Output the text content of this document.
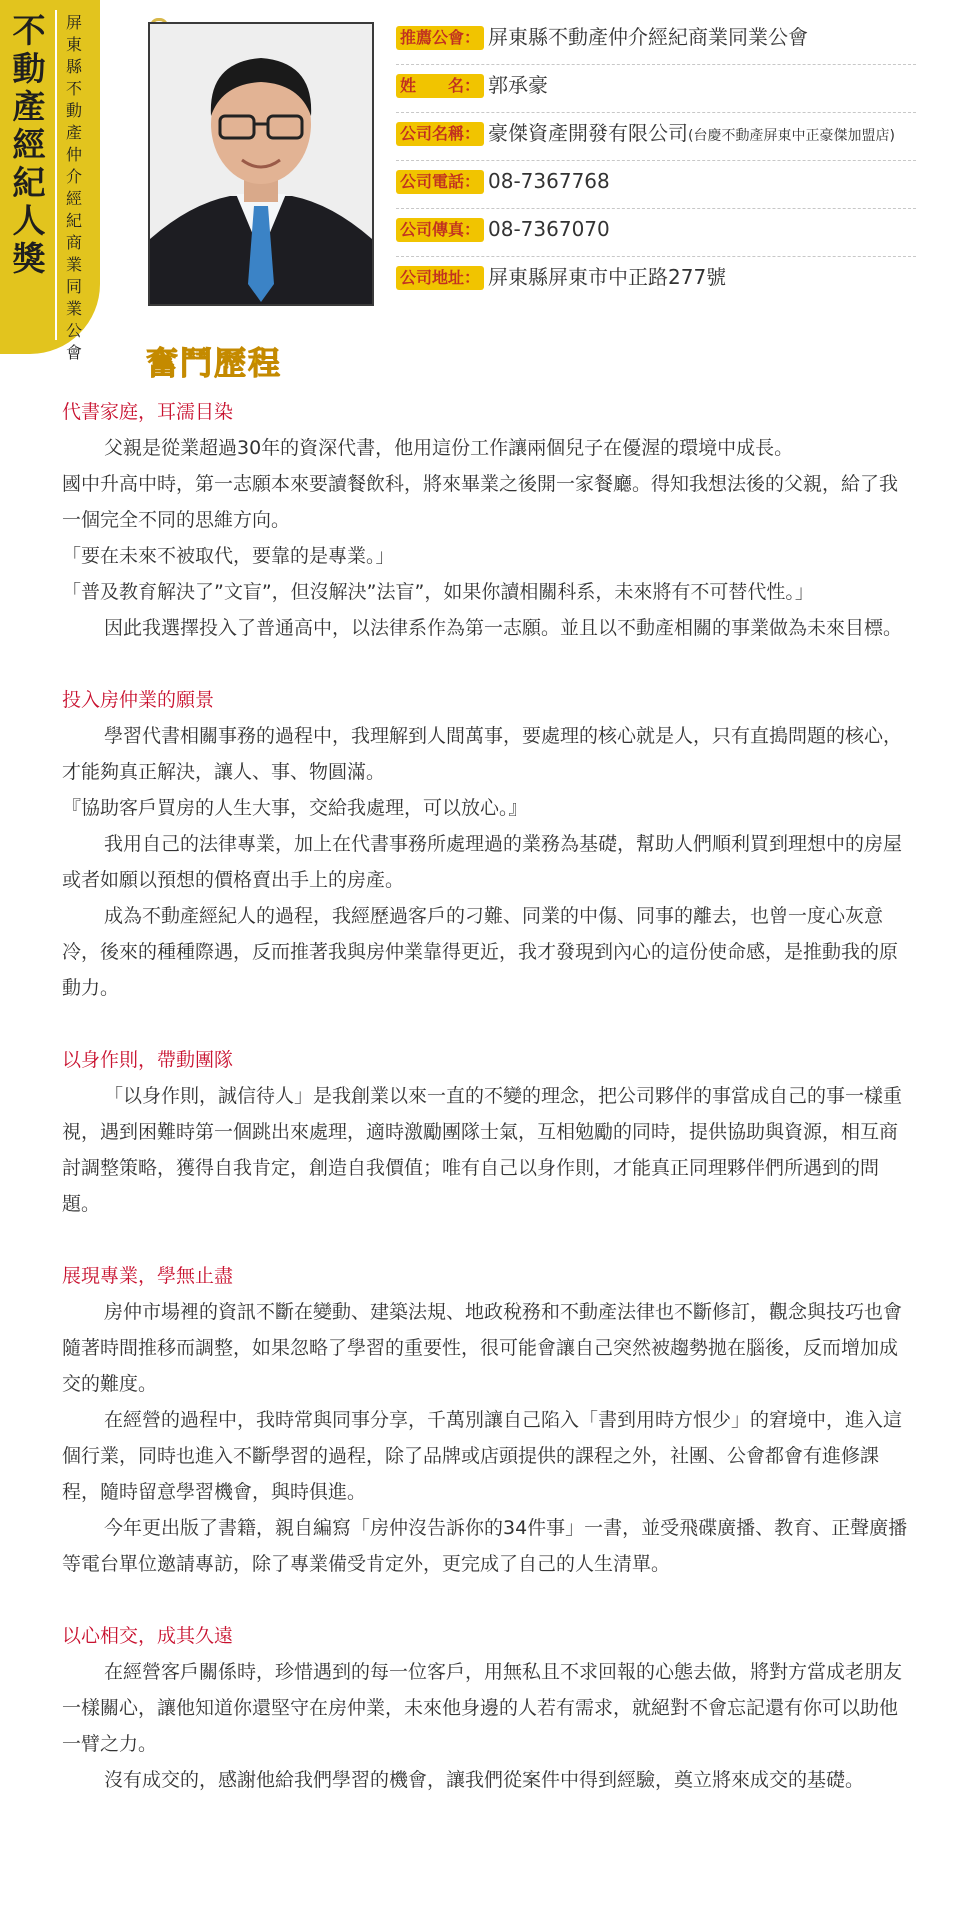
不動產經紀人獎
屏東縣不動產仲介經紀商業同業公會
推薦公會： 屏東縣不動產仲介經紀商業同業公會
姓　　名： 郭承豪
公司名稱： 豪傑資產開發有限公司(台慶不動產屏東中正豪傑加盟店)
公司電話： 08-7367768
公司傳真： 08-7367070
公司地址： 屏東縣屏東市中正路277號
奮鬥歷程

代書家庭，耳濡目染

父親是從業超過30年的資深代書，他用這份工作讓兩個兒子在優渥的環境中成長。

國中升高中時，第一志願本來要讀餐飲科，將來畢業之後開一家餐廳。得知我想法後的父親，給了我一個完全不同的思維方向。

「要在未來不被取代，要靠的是專業。」

「普及教育解決了”文盲”，但沒解決”法盲”，如果你讀相關科系，未來將有不可替代性。」

因此我選擇投入了普通高中，以法律系作為第一志願。並且以不動產相關的事業做為未來目標。

投入房仲業的願景

學習代書相關事務的過程中，我理解到人間萬事，要處理的核心就是人，只有直搗問題的核心，才能夠真正解決，讓人、事、物圓滿。

『協助客戶買房的人生大事，交給我處理，可以放心。』

我用自己的法律專業，加上在代書事務所處理過的業務為基礎，幫助人們順利買到理想中的房屋或者如願以預想的價格賣出手上的房產。

成為不動產經紀人的過程，我經歷過客戶的刁難、同業的中傷、同事的離去，也曾一度心灰意冷，後來的種種際遇，反而推著我與房仲業靠得更近，我才發現到內心的這份使命感，是推動我的原動力。

以身作則，帶動團隊

「以身作則，誠信待人」是我創業以來一直的不變的理念，把公司夥伴的事當成自己的事一樣重視，遇到困難時第一個跳出來處理，適時激勵團隊士氣，互相勉勵的同時，提供協助與資源，相互商討調整策略，獲得自我肯定，創造自我價值；唯有自己以身作則，才能真正同理夥伴們所遇到的問題。

展現專業，學無止盡

房仲市場裡的資訊不斷在變動、建築法規、地政稅務和不動產法律也不斷修訂，觀念與技巧也會隨著時間推移而調整，如果忽略了學習的重要性，很可能會讓自己突然被趨勢拋在腦後，反而增加成交的難度。

在經營的過程中，我時常與同事分享，千萬別讓自己陷入「書到用時方恨少」的窘境中，進入這個行業，同時也進入不斷學習的過程，除了品牌或店頭提供的課程之外，社團、公會都會有進修課程，隨時留意學習機會，與時俱進。

今年更出版了書籍，親自編寫「房仲沒告訴你的34件事」一書，並受飛碟廣播、教育、正聲廣播等電台單位邀請專訪，除了專業備受肯定外，更完成了自己的人生清單。

以心相交，成其久遠

在經營客戶關係時，珍惜遇到的每一位客戶，用無私且不求回報的心態去做，將對方當成老朋友一樣關心，讓他知道你還堅守在房仲業，未來他身邊的人若有需求，就絕對不會忘記還有你可以助他一臂之力。

沒有成交的，感謝他給我們學習的機會，讓我們從案件中得到經驗，奠立將來成交的基礎。
